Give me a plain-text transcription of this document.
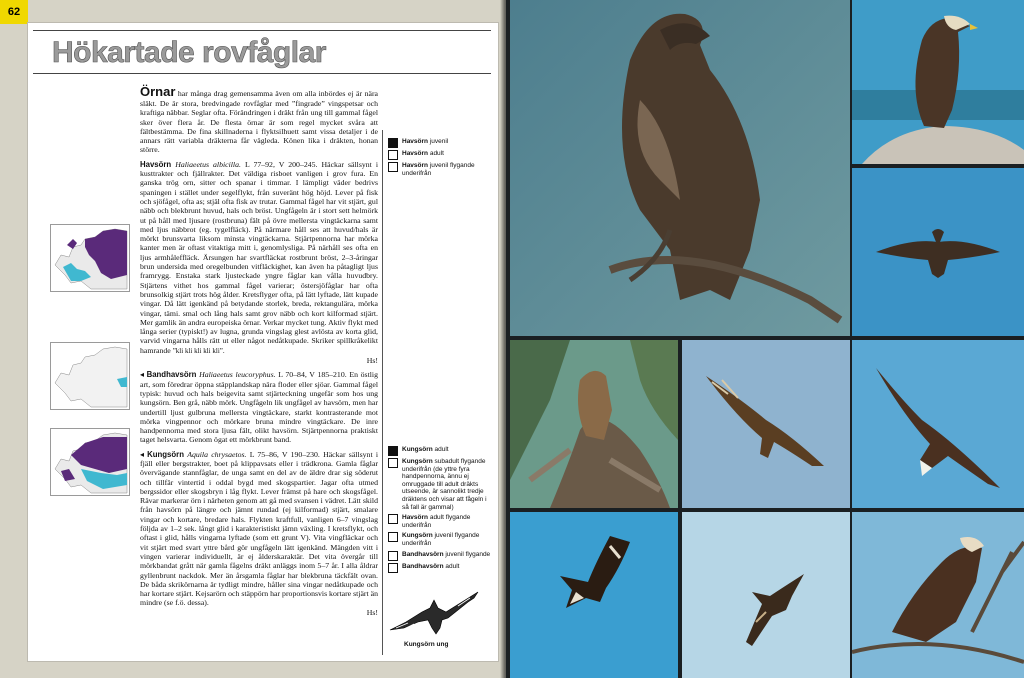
62
Hökartade rovfåglar

Örnar har många drag gemensamma även om alla inbördes ej är nära släkt. De är stora, bredvingade rovfåglar med ”fingrade” vingspetsar och kraftiga näbbar. Seglar ofta. Förändringen i dräkt från ung till gammal fågel sker över flera år. De flesta örnar är som regel mycket svåra att fältbestämma. De fina skillnaderna i flyktsilhuett samt vissa detaljer i de annars rätt variabla dräkterna får vägleda. Könen lika i dräkten, honan större.

Havsörn Haliaeetus albicilla. L 77–92, V 200–245. Häckar sällsynt i kusttrakter och fjällrakter. Det väldiga risboet vanligen i grov fura. En ganska trög orn, sitter och spanar i timmar. I lämpligt väder bedrivs spaningen i stället under segelflykt, från suveränt hög höjd. Lever på fisk och sjöfågel, ofta as; stjäl ofta fisk av trutar. Gammal fågel har vit stjärt, gul näbb och blekbrunt huvud, hals och bröst. Ungfågeln är i stort sett helmörk ut på håll med ljusare (rostbruna) fält på övre mellersta vingtäckarna samt med ljus näbbrot (eg. tygelfläck). På närmare håll ses att huvud/hals är mörkt brunsvarta liksom minsta vingtäckarna. Stjärtpennorna har mörka kanter men är oftast vitaktiga mitt i, genomlysliga. På närhåll ses ofta en ljus armhåleffläck. Ärsungen har svartfläckat rostbrunt bröst, 2–3-åringar brun undersida med oregelbunden vitfläckighet, kan även ha påtagligt ljus framrygg. Enstaka stark ljusteckade yngre fåglar kan vålla huvudbry. Stjärtens vithet hos gammal fågel varierar; östersjöfåglar har ofta brunsolkig stjärt trots hög ålder. Kretsflyger ofta, på lätt lyftade, lätt kupade vingar. Då lätt igenkänd på betydande storlek, breda, rektangulära, mörka vingar, tämi. smal och lång hals samt grov näbb och kort kilformad stjärt. Mer gamlik än andra europeiska örnar. Verkar mycket tung. Aktiv flykt med långa serier (typiskt!) av lugna, grunda vingslag glest avlösta av korta glid, varvid vingarna hålls rätt ut eller något nedåtkupade. Skriker spillkråkelikt hamrande ”kli kli kli kli kli”.
Hs!

◂ Bandhavsörn Haliaeetus leucoryphus. L 70–84, V 185–210. En östlig art, som föredrar öppna stäpplandskap nära floder eller sjöar. Gammal fågel typisk: huvud och hals beigevita samt stjärteckning ungefär som hos ung kungsörn. Ben grå, näbb mörk. Ungfågeln lik ungfågel av havsörn, men har undertill ljust gulbruna mellersta vingtäckare, starkt kontrasterande mot mörka vingpennor och mörkare bruna mindre vingtäckare. De inre handpennorna med stora ljusa fält, olikt havsörn. Stjärtpennorna praktiskt taget helsvarta. Genom ögat ett mörkbrunt band.

◂ Kungsörn Aquila chrysaetos. L 75–86, V 190–230. Häckar sällsynt i fjäll eller bergstrakter, boet på klippavsats eller i trädkrona. Gamla fåglar övervägande stannfåglar, de unga samt en del av de äldre drar sig söderut och tillfär vintertid i oddal bygd med skogspartier. Jagar ofta utmed bergssidor eller skogsbryn i låg flykt. Lever främst på hare och skogsfågel. Rävar markerar örn i närheten genom att gå med svansen i vädret. Lätt skild från havsörn på längre och jämnt rundad (ej kilformad) stjärt, smalare vingar och kortare, bredare hals. Flykten kraftfull, vanligen 6–7 vingslag följda av 1–2 sek. långt glid i karakteristiskt jämn växling. I kretsflykt, och oftast i glid, hålls vingarna lyftade (som ett grunt V). Vita vingfläckar och vit stjärt med svart yttre bård gör ungfågeln lätt igenkänd. Mängden vitt i vingen varierar individuellt, är ej ålderskaraktär. Det vita övergår till mörkbandat grått när gamla fågelns dräkt anläggs inom 5–7 år. I alla åldrar gyllenbrunt nackdok. Mer än årsgamla fåglar har blekbruna täckfält ovan. De båda skrikörnarna är tydligt mindre, håller sina vingar nedåtkupade och har kortare stjärt. Kejsarörn och stäppörn har proportionsvis kortare stjärt än mindre (se f.ö. dessa).
Hs!

Havsörn juvenil
Havsörn adult
Havsörn juvenil flygande underifrån
Kungsörn adult
Kungsörn subadult flygande underifrån (de yttre fyra handpennorna, ännu ej omruggade till adult dräkts utseende, är sannolikt tredje dräktens och visar att fågeln i så fall är gammal)
Havsörn adult flygande underifrån
Kungsörn juvenil flygande underifrån
Bandhavsörn juvenil flygande
Bandhavsörn adult
Kungsörn ung
